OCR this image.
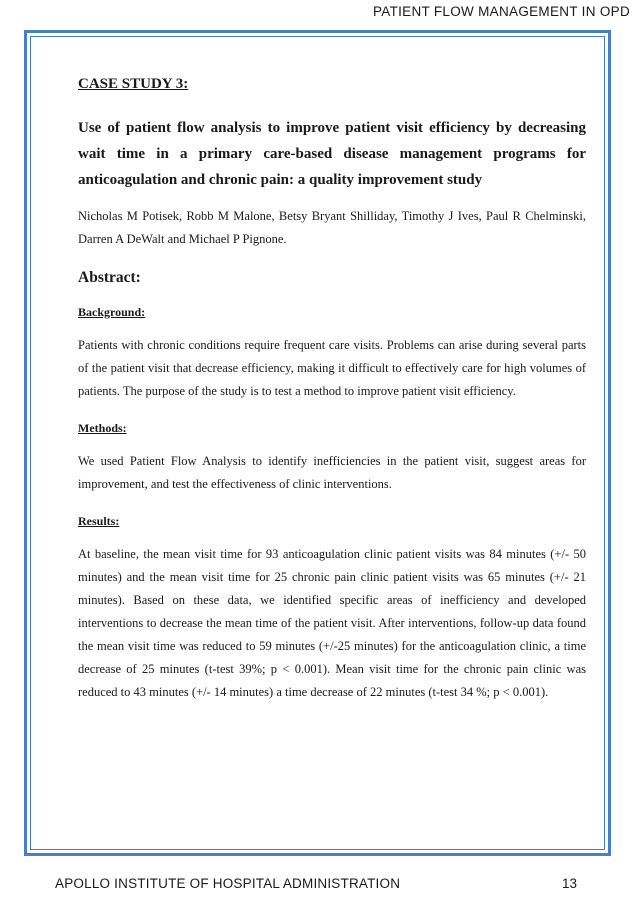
PATIENT FLOW MANAGEMENT IN OPD
CASE STUDY 3:
Use of patient flow analysis to improve patient visit efficiency by decreasing wait time in a primary care-based disease management programs for anticoagulation and chronic pain: a quality improvement study
Nicholas M Potisek, Robb M Malone, Betsy Bryant Shilliday, Timothy J Ives, Paul R Chelminski, Darren A DeWalt and Michael P Pignone.
Abstract:
Background:
Patients with chronic conditions require frequent care visits. Problems can arise during several parts of the patient visit that decrease efficiency, making it difficult to effectively care for high volumes of patients. The purpose of the study is to test a method to improve patient visit efficiency.
Methods:
We used Patient Flow Analysis to identify inefficiencies in the patient visit, suggest areas for improvement, and test the effectiveness of clinic interventions.
Results:
At baseline, the mean visit time for 93 anticoagulation clinic patient visits was 84 minutes (+/- 50 minutes) and the mean visit time for 25 chronic pain clinic patient visits was 65 minutes (+/- 21 minutes). Based on these data, we identified specific areas of inefficiency and developed interventions to decrease the mean time of the patient visit. After interventions, follow-up data found the mean visit time was reduced to 59 minutes (+/-25 minutes) for the anticoagulation clinic, a time decrease of 25 minutes (t-test 39%; p < 0.001). Mean visit time for the chronic pain clinic was reduced to 43 minutes (+/- 14 minutes) a time decrease of 22 minutes (t-test 34 %; p < 0.001).
APOLLO INSTITUTE OF HOSPITAL ADMINISTRATION	13
